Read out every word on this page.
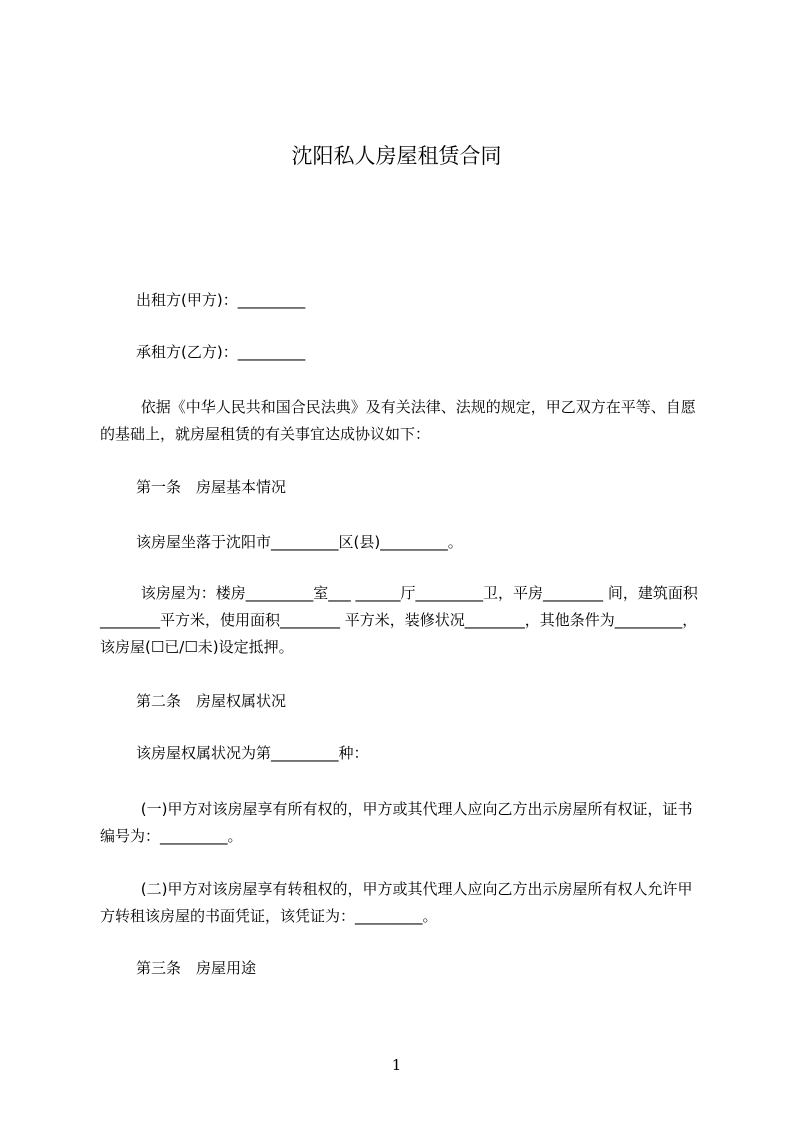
沈阳私人房屋租赁合同

出租方(甲方)：_________

承租方(乙方)：_________

依据《中华人民共和国合民法典》及有关法律、法规的规定，甲乙双方在平等、自愿的基础上，就房屋租赁的有关事宜达成协议如下：

第一条　房屋基本情况

该房屋坐落于沈阳市_________区(县)_________。

该房屋为：楼房_________室___ ______厅_________卫，平房________ 间，建筑面积________平方米，使用面积________ 平方米，装修状况________，其他条件为_________，该房屋(☐已/☐未)设定抵押。

第二条　房屋权属状况

该房屋权属状况为第_________种：

(一)甲方对该房屋享有所有权的，甲方或其代理人应向乙方出示房屋所有权证，证书编号为：_________。

(二)甲方对该房屋享有转租权的，甲方或其代理人应向乙方出示房屋所有权人允许甲方转租该房屋的书面凭证，该凭证为：_________。

第三条　房屋用途

1
